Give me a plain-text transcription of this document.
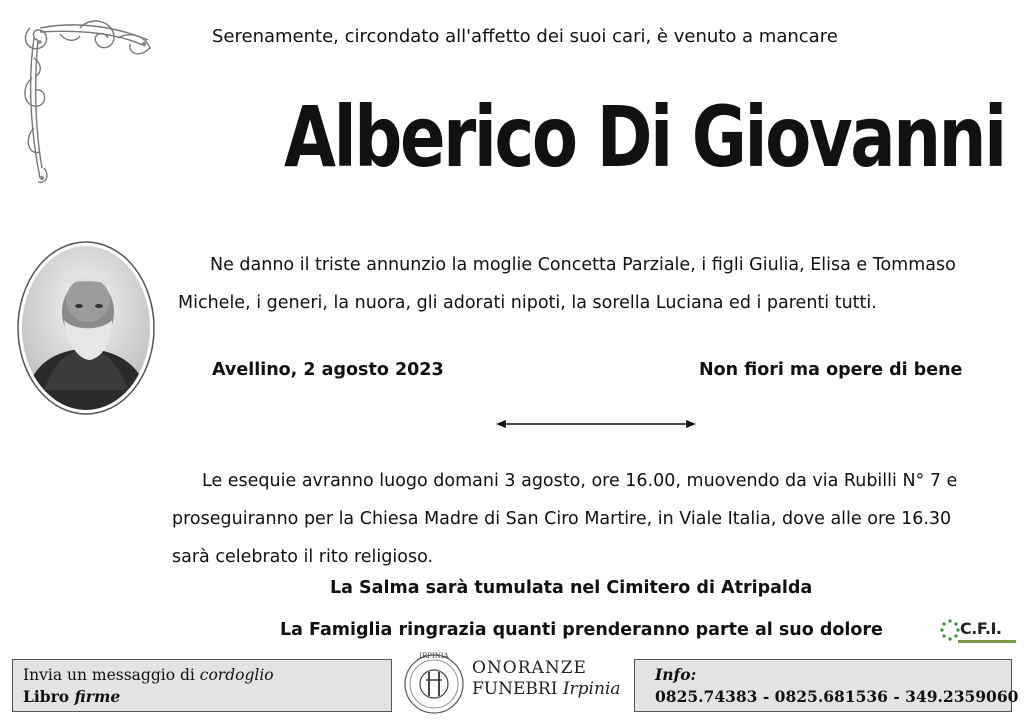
Serenamente, circondato all'affetto dei suoi cari, è venuto a mancare
Alberico Di Giovanni
Ne danno il triste annunzio la moglie Concetta Parziale, i figli Giulia, Elisa e Tommaso
Michele, i generi, la nuora, gli adorati nipoti, la sorella Luciana ed i parenti tutti.
Avellino, 2 agosto 2023	Non fiori ma opere di bene
Le esequie avranno luogo domani 3 agosto, ore 16.00, muovendo da via Rubilli N° 7 e
proseguiranno per la Chiesa Madre di San Ciro Martire, in Viale Italia, dove alle ore 16.30
sarà celebrato il rito religioso.
La Salma sarà tumulata nel Cimitero di Atripalda
La Famiglia ringrazia quanti prenderanno parte al suo dolore	C.F.I.
Invia un messaggio di cordoglio
Libro firme
IRPINIA
ONORANZE
FUNEBRI Irpinia
Info:
0825.74383 - 0825.681536 - 349.2359060
